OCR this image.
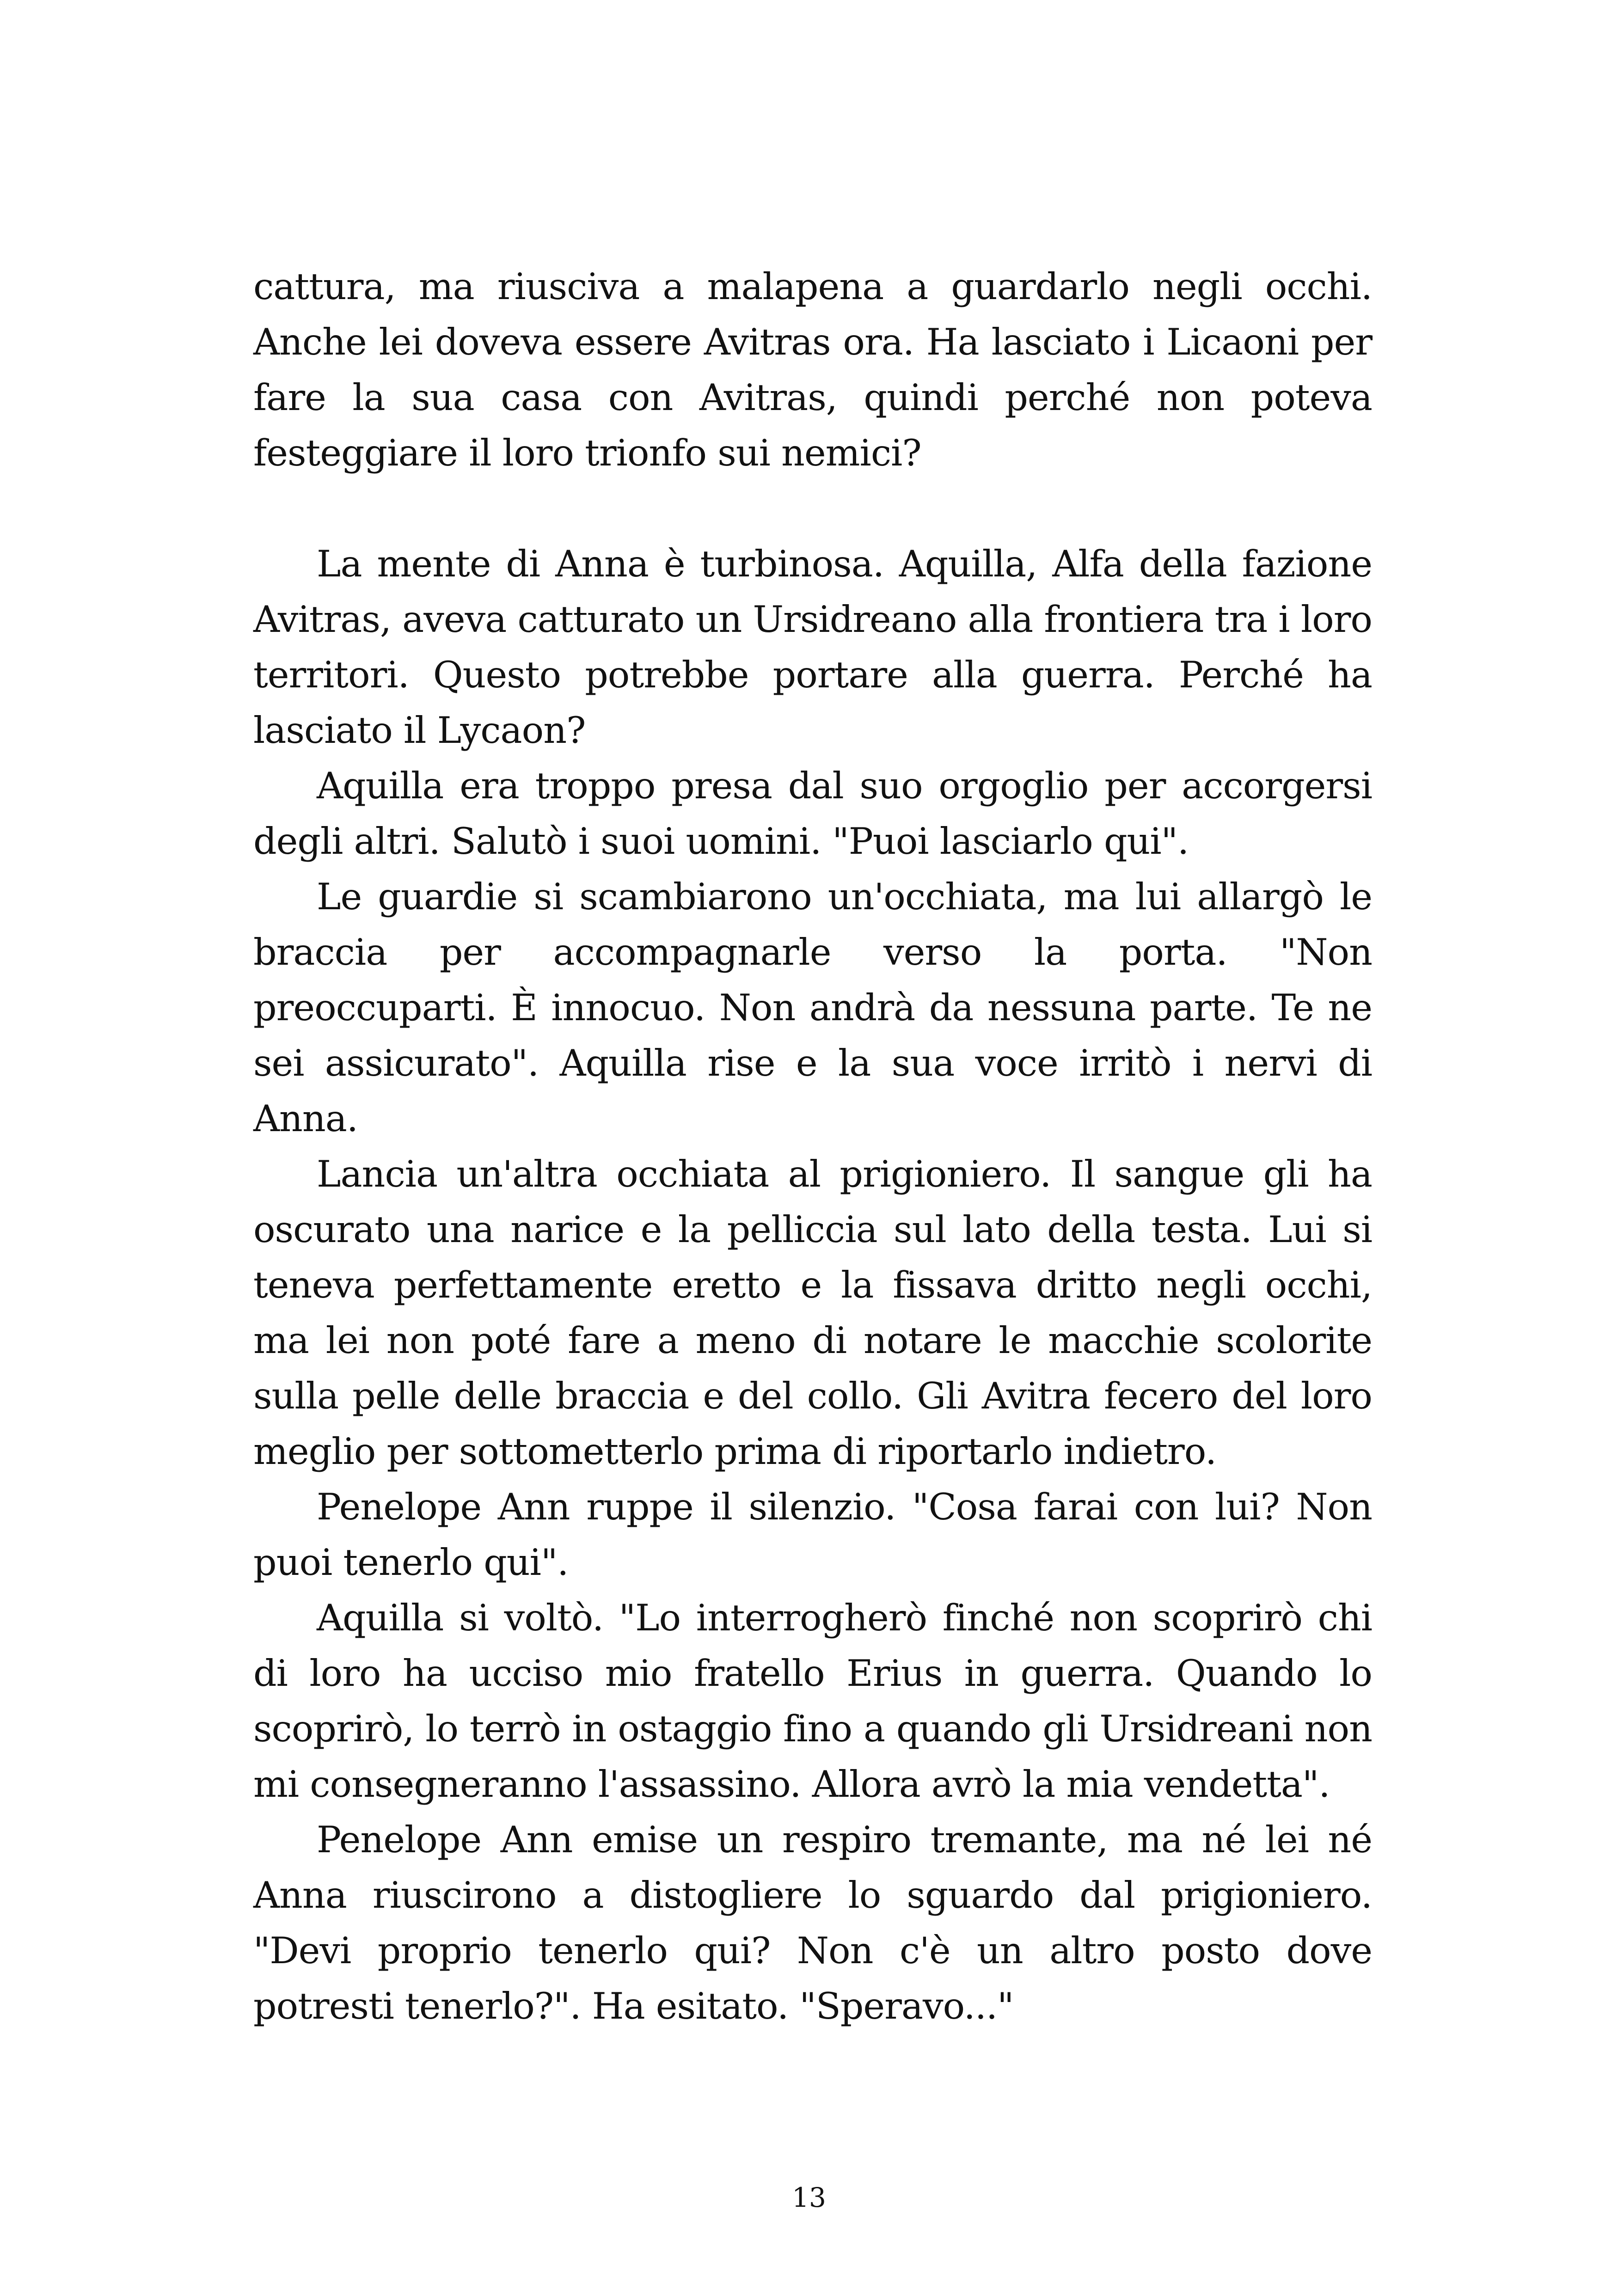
cattura, ma riusciva a malapena a guardarlo negli occhi. Anche lei doveva essere Avitras ora. Ha lasciato i Licaoni per fare la sua casa con Avitras, quindi perché non poteva festeggiare il loro trionfo sui nemici?

La mente di Anna è turbinosa. Aquilla, Alfa della fazione Avitras, aveva catturato un Ursidreano alla frontiera tra i loro territori. Questo potrebbe portare alla guerra. Perché ha lasciato il Lycaon?

Aquilla era troppo presa dal suo orgoglio per accorgersi degli altri. Salutò i suoi uomini. "Puoi lasciarlo qui".

Le guardie si scambiarono un'occhiata, ma lui allargò le braccia per accompagnarle verso la porta. "Non preoccuparti. È innocuo. Non andrà da nessuna parte. Te ne sei assicurato". Aquilla rise e la sua voce irritò i nervi di Anna.

Lancia un'altra occhiata al prigioniero. Il sangue gli ha oscurato una narice e la pelliccia sul lato della testa. Lui si teneva perfettamente eretto e la fissava dritto negli occhi, ma lei non poté fare a meno di notare le macchie scolorite sulla pelle delle braccia e del collo. Gli Avitra fecero del loro meglio per sottometterlo prima di riportarlo indietro.

Penelope Ann ruppe il silenzio. "Cosa farai con lui? Non puoi tenerlo qui".

Aquilla si voltò. "Lo interrogherò finché non scoprirò chi di loro ha ucciso mio fratello Erius in guerra. Quando lo scoprirò, lo terrò in ostaggio fino a quando gli Ursidreani non mi consegneranno l'assassino. Allora avrò la mia vendetta".

Penelope Ann emise un respiro tremante, ma né lei né Anna riuscirono a distogliere lo sguardo dal prigioniero. "Devi proprio tenerlo qui? Non c'è un altro posto dove potresti tenerlo?". Ha esitato. "Speravo..."

13
